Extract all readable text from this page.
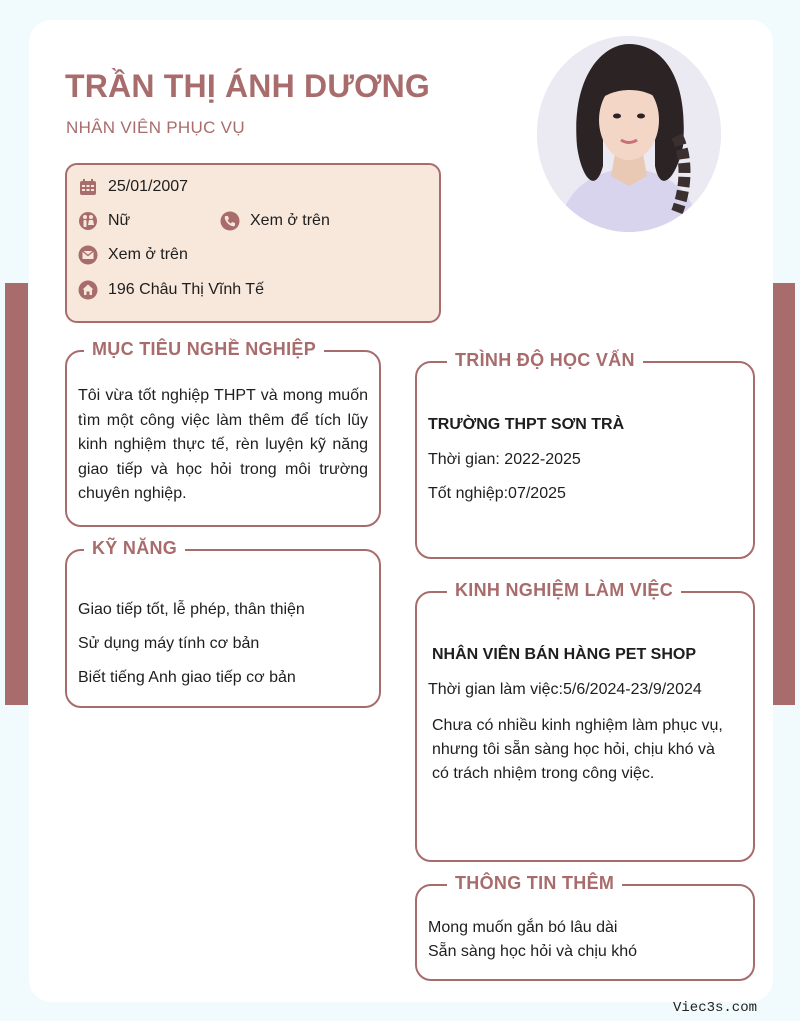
TRẦN THỊ ÁNH DƯƠNG
NHÂN VIÊN PHỤC VỤ
25/01/2007
Nữ	Xem ở trên
Xem ở trên
196 Châu Thị Vĩnh Tế
MỤC TIÊU NGHỀ NGHIỆP
Tôi vừa tốt nghiệp THPT và mong muốn tìm một công việc làm thêm để tích lũy kinh nghiệm thực tế, rèn luyện kỹ năng giao tiếp và học hỏi trong môi trường chuyên nghiệp.
KỸ NĂNG
Giao tiếp tốt, lễ phép, thân thiện
Sử dụng máy tính cơ bản
Biết tiếng Anh giao tiếp cơ bản
TRÌNH ĐỘ HỌC VẤN
TRƯỜNG THPT SƠN TRÀ
Thời gian: 2022-2025
Tốt nghiệp:07/2025
KINH NGHIỆM LÀM VIỆC
NHÂN VIÊN BÁN HÀNG PET SHOP
Thời gian làm việc:5/6/2024-23/9/2024
Chưa có nhiều kinh nghiệm làm phục vụ, nhưng tôi sẵn sàng học hỏi, chịu khó và có trách nhiệm trong công việc.
THÔNG TIN THÊM
Mong muốn gắn bó lâu dài
Sẵn sàng học hỏi và chịu khó
Viec3s.com
